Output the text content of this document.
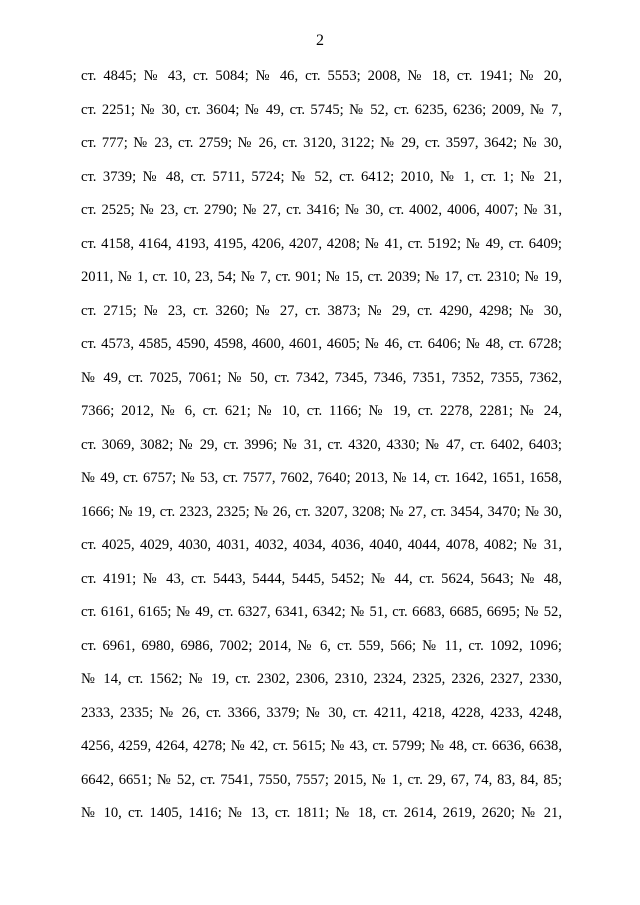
2
ст. 4845; № 43, ст. 5084; № 46, ст. 5553; 2008, № 18, ст. 1941; № 20,
ст. 2251; № 30, ст. 3604; № 49, ст. 5745; № 52, ст. 6235, 6236; 2009, № 7,
ст. 777; № 23, ст. 2759; № 26, ст. 3120, 3122; № 29, ст. 3597, 3642; № 30,
ст. 3739; № 48, ст. 5711, 5724; № 52, ст. 6412; 2010, № 1, ст. 1; № 21,
ст. 2525; № 23, ст. 2790; № 27, ст. 3416; № 30, ст. 4002, 4006, 4007; № 31,
ст. 4158, 4164, 4193, 4195, 4206, 4207, 4208; № 41, ст. 5192; № 49, ст. 6409;
2011, № 1, ст. 10, 23, 54; № 7, ст. 901; № 15, ст. 2039; № 17, ст. 2310; № 19,
ст. 2715; № 23, ст. 3260; № 27, ст. 3873; № 29, ст. 4290, 4298; № 30,
ст. 4573, 4585, 4590, 4598, 4600, 4601, 4605; № 46, ст. 6406; № 48, ст. 6728;
№ 49, ст. 7025, 7061; № 50, ст. 7342, 7345, 7346, 7351, 7352, 7355, 7362,
7366; 2012, № 6, ст. 621; № 10, ст. 1166; № 19, ст. 2278, 2281; № 24,
ст. 3069, 3082; № 29, ст. 3996; № 31, ст. 4320, 4330; № 47, ст. 6402, 6403;
№ 49, ст. 6757; № 53, ст. 7577, 7602, 7640; 2013, № 14, ст. 1642, 1651, 1658,
1666; № 19, ст. 2323, 2325; № 26, ст. 3207, 3208; № 27, ст. 3454, 3470; № 30,
ст. 4025, 4029, 4030, 4031, 4032, 4034, 4036, 4040, 4044, 4078, 4082; № 31,
ст. 4191; № 43, ст. 5443, 5444, 5445, 5452; № 44, ст. 5624, 5643; № 48,
ст. 6161, 6165; № 49, ст. 6327, 6341, 6342; № 51, ст. 6683, 6685, 6695; № 52,
ст. 6961, 6980, 6986, 7002; 2014, № 6, ст. 559, 566; № 11, ст. 1092, 1096;
№ 14, ст. 1562; № 19, ст. 2302, 2306, 2310, 2324, 2325, 2326, 2327, 2330,
2333, 2335; № 26, ст. 3366, 3379; № 30, ст. 4211, 4218, 4228, 4233, 4248,
4256, 4259, 4264, 4278; № 42, ст. 5615; № 43, ст. 5799; № 48, ст. 6636, 6638,
6642, 6651; № 52, ст. 7541, 7550, 7557; 2015, № 1, ст. 29, 67, 74, 83, 84, 85;
№ 10, ст. 1405, 1416; № 13, ст. 1811; № 18, ст. 2614, 2619, 2620; № 21,
